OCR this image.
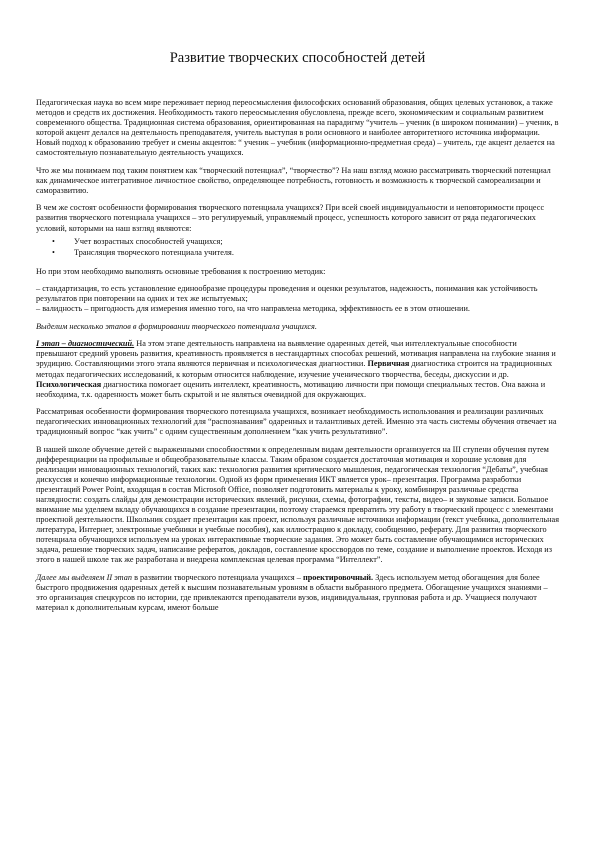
Развитие творческих способностей детей

Педагогическая наука во всем мире переживает период переосмысления философских оснований образования, общих целевых установок, а также методов и средств их достижения. Необходимость такого переосмысления обусловлена, прежде всего, экономическим и социальным развитием современного общества. Традиционная система образования, ориентированная на парадигму “учитель – ученик (в широком понимании) – ученик, в которой акцент делался на деятельность преподавателя, учитель выступая в роли основного и наиболее авторитетного источника информации. Новый подход к образованию требует и смены акцентов: “ ученик – учебник (информационно-предметная среда) – учитель, где акцент делается на самостоятельную познавательную деятельность учащихся.

Что же мы понимаем под таким понятием как “творческий потенциал”, “творчество”? На наш взгляд можно рассматривать творческий потенциал как динамическое интегративное личностное свойство, определяющее потребность, готовность и возможность к творческой самореализации и саморазвитию.

В чем же состоят особенности формирования творческого потенциала учащихся? При всей своей индивидуальности и неповторимости процесс развития творческого потенциала учащихся – это регулируемый, управляемый процесс, успешность которого зависит от ряда педагогических условий, которыми на наш взгляд являются:

• Учет возрастных способностей учащихся;
• Трансляция творческого потенциала учителя.

Но при этом необходимо выполнять основные требования к построению методик:

– стандартизация, то есть установление единообразие процедуры проведения и оценки результатов, надежность, понимания как устойчивость результатов при повторении на одних и тех же испытуемых;

– валидность – пригодность для измерения именно того, на что направлена методика, эффективность ее в этом отношении.

Выделим несколько этапов в формировании творческого потенциала учащихся.

I этап – диагностический. На этом этапе деятельность направлена на выявление одаренных детей, чьи интеллектуальные способности превышают средний уровень развития, креативность проявляется в нестандартных способах решений, мотивация направлена на глубокие знания и эрудицию. Составляющими этого этапа являются первичная и психологическая диагностики. Первичная диагностика строится на традиционных методах педагогических исследований, к которым относится наблюдение, изучение ученического творчества, беседы, дискуссии и др. Психологическая диагностика помогает оценить интеллект, креативность, мотивацию личности при помощи специальных тестов. Она важна и необходима, т.к. одаренность может быть скрытой и не являться очевидной для окружающих.

Рассматривая особенности формирования творческого потенциала учащихся, возникает необходимость использования и реализации различных педагогических инновационных технологий для “распознавания” одаренных и талантливых детей. Именно эта часть системы обучения отвечает на традиционный вопрос “как учить” с одним существенным дополнением “как учить результативно”.

В нашей школе обучение детей с выраженными способностями к определенным видам деятельности организуется на III ступени обучения путем дифференциации на профильные и общеобразовательные классы. Таким образом создается достаточная мотивация и хорошие условия для реализации инновационных технологий, таких как: технология развития критического мышления, педагогическая технология “Дебаты”, учебная дискуссия и конечно информационные технологии. Одной из форм применения ИКТ является урок– презентация. Программа разработки презентаций Power Point, входящая в состав Microsoft Office, позволяет подготовить материалы к уроку, комбинируя различные средства наглядности: создать слайды для демонстрации исторических явлений, рисунки, схемы, фотографии, тексты, видео– и звуковые записи. Большое внимание мы уделяем вкладу обучающихся в создание презентации, поэтому стараемся превратить эту работу в творческий процесс с элементами проектной деятельности. Школьник создает презентации как проект, используя различные источники информации (текст учебника, дополнительная литература, Интернет, электронные учебники и учебные пособия), как иллюстрацию к докладу, сообщению, реферату. Для развития творческого потенциала обучающихся используем на уроках интерактивные творческие задания. Это может быть составление обучающимися исторических задача, решение творческих задач, написание рефератов, докладов, составление кроссвордов по теме, создание и выполнение проектов. Исходя из этого в нашей школе так же разработана и внедрена комплексная целевая программа “Интеллект”.

Далее мы выделяем II этап в развитии творческого потенциала учащихся – проектировочный. Здесь используем метод обогащения для более быстрого продвижения одаренных детей к высшим познавательным уровням в области выбранного предмета. Обогащение учащихся знаниями – это организация спецкурсов по истории, где привлекаются преподаватели вузов, индивидуальная, групповая работа и др. Учащиеся получают материал к дополнительным курсам, имеют больше
